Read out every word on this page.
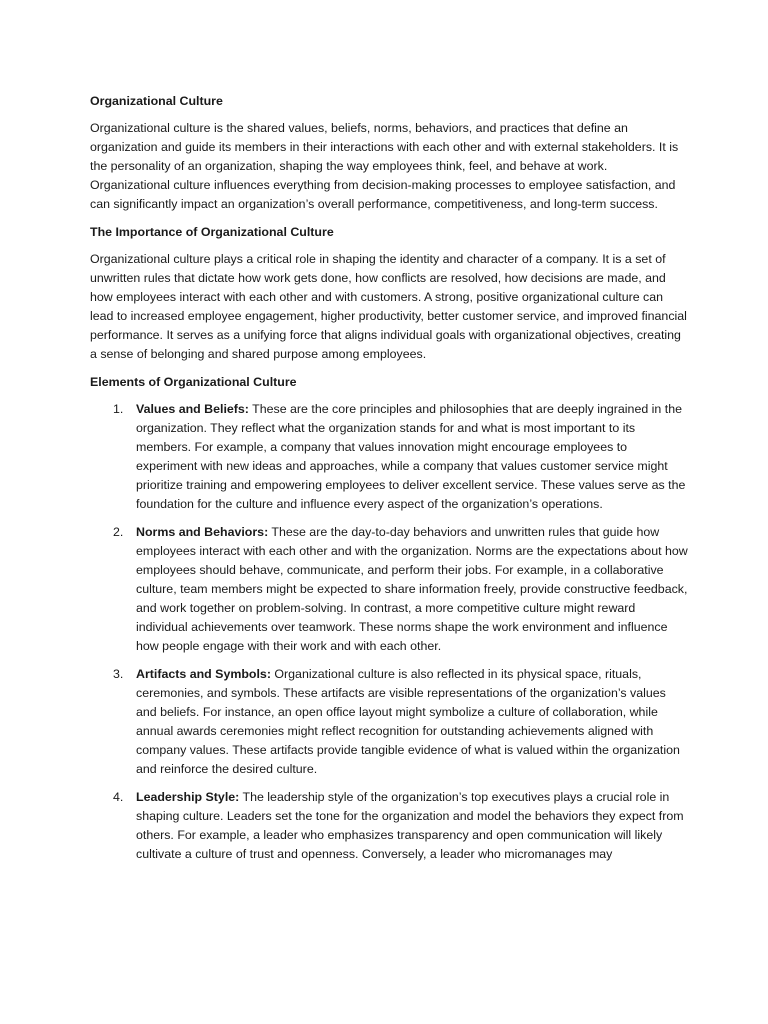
Organizational Culture

Organizational culture is the shared values, beliefs, norms, behaviors, and practices that define an organization and guide its members in their interactions with each other and with external stakeholders. It is the personality of an organization, shaping the way employees think, feel, and behave at work. Organizational culture influences everything from decision-making processes to employee satisfaction, and can significantly impact an organization’s overall performance, competitiveness, and long-term success.

The Importance of Organizational Culture

Organizational culture plays a critical role in shaping the identity and character of a company. It is a set of unwritten rules that dictate how work gets done, how conflicts are resolved, how decisions are made, and how employees interact with each other and with customers. A strong, positive organizational culture can lead to increased employee engagement, higher productivity, better customer service, and improved financial performance. It serves as a unifying force that aligns individual goals with organizational objectives, creating a sense of belonging and shared purpose among employees.

Elements of Organizational Culture
1. Values and Beliefs: These are the core principles and philosophies that are deeply ingrained in the organization. They reflect what the organization stands for and what is most important to its members. For example, a company that values innovation might encourage employees to experiment with new ideas and approaches, while a company that values customer service might prioritize training and empowering employees to deliver excellent service. These values serve as the foundation for the culture and influence every aspect of the organization’s operations.
2. Norms and Behaviors: These are the day-to-day behaviors and unwritten rules that guide how employees interact with each other and with the organization. Norms are the expectations about how employees should behave, communicate, and perform their jobs. For example, in a collaborative culture, team members might be expected to share information freely, provide constructive feedback, and work together on problem-solving. In contrast, a more competitive culture might reward individual achievements over teamwork. These norms shape the work environment and influence how people engage with their work and with each other.
3. Artifacts and Symbols: Organizational culture is also reflected in its physical space, rituals, ceremonies, and symbols. These artifacts are visible representations of the organization’s values and beliefs. For instance, an open office layout might symbolize a culture of collaboration, while annual awards ceremonies might reflect recognition for outstanding achievements aligned with company values. These artifacts provide tangible evidence of what is valued within the organization and reinforce the desired culture.
4. Leadership Style: The leadership style of the organization’s top executives plays a crucial role in shaping culture. Leaders set the tone for the organization and model the behaviors they expect from others. For example, a leader who emphasizes transparency and open communication will likely cultivate a culture of trust and openness. Conversely, a leader who micromanages may
